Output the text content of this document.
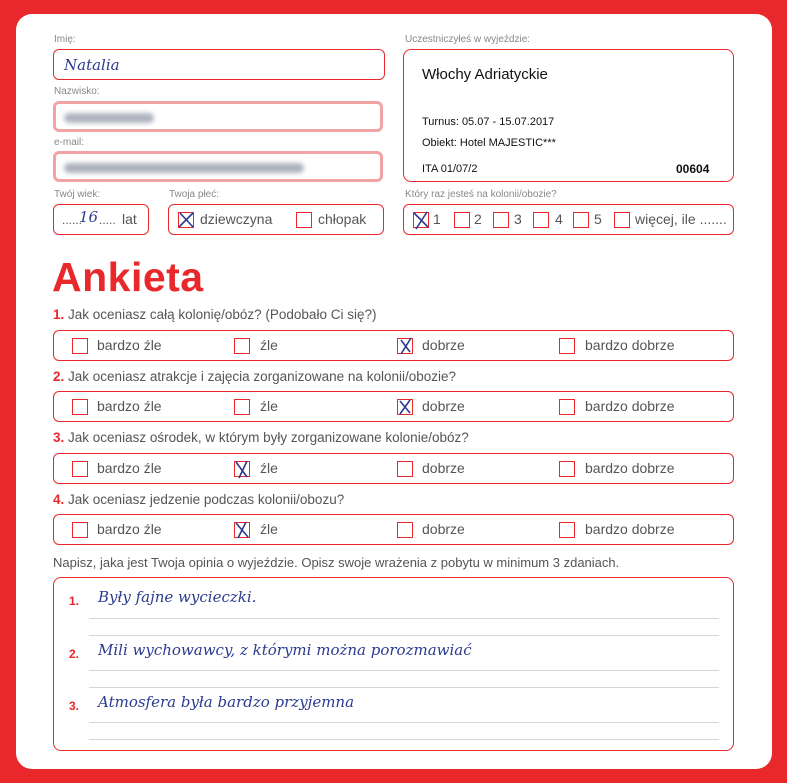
Imię:
Natalia
Nazwisko:
e-mail:
Twój wiek:
......
16 ..... lat
Twoja płeć:
dziewczyna	chłopak
Uczestniczyłeś w wyjeździe:
Włochy Adriatyckie
Turnus: 05.07 - 15.07.2017
Obiekt: Hotel MAJESTIC***
ITA 01/07/2	00604
Który raz jesteś na kolonii/obozie?
1 2 3 4 5 więcej, ile .......
Ankieta
1. Jak oceniasz całą kolonię/obóz? (Podobało Ci się?)
bardzo źle	źle	dobrze	bardzo dobrze
2. Jak oceniasz atrakcje i zajęcia zorganizowane na kolonii/obozie?
bardzo źle	źle	dobrze	bardzo dobrze
3. Jak oceniasz ośrodek, w którym były zorganizowane kolonie/obóz?
bardzo źle	źle	dobrze	bardzo dobrze
4. Jak oceniasz jedzenie podczas kolonii/obozu?
bardzo źle	źle	dobrze	bardzo dobrze
Napisz, jaka jest Twoja opinia o wyjeździe. Opisz swoje wrażenia z pobytu w minimum 3 zdaniach.
1. Były fajne wycieczki.
2. Mili wychowawcy, z którymi można porozmawiać
3. Atmosfera była bardzo przyjemna
